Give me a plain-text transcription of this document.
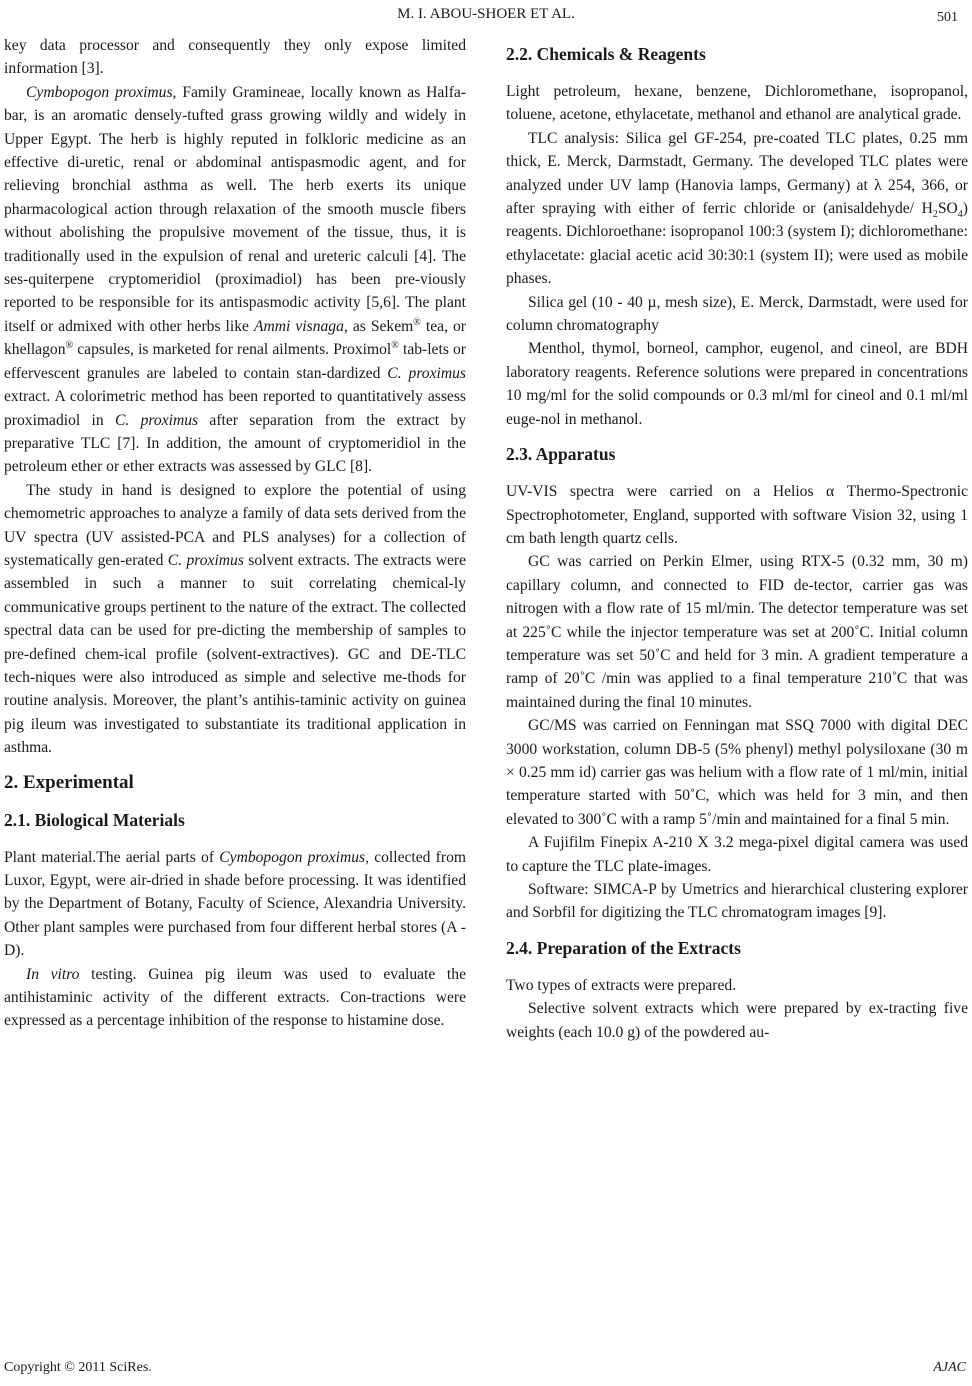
M. I. ABOU-SHOER ET AL.	501

key data processor and consequently they only expose limited information [3].

Cymbopogon proximus, Family Gramineae, locally known as Halfa-bar, is an aromatic densely-tufted grass growing wildly and widely in Upper Egypt. The herb is highly reputed in folkloric medicine as an effective di-uretic, renal or abdominal antispasmodic agent, and for relieving bronchial asthma as well. The herb exerts its unique pharmacological action through relaxation of the smooth muscle fibers without abolishing the propulsive movement of the tissue, thus, it is traditionally used in the expulsion of renal and ureteric calculi [4]. The ses-quiterpene cryptomeridiol (proximadiol) has been pre-viously reported to be responsible for its antispasmodic activity [5,6]. The plant itself or admixed with other herbs like Ammi visnaga, as Sekem® tea, or khellagon® capsules, is marketed for renal ailments. Proximol® tab-lets or effervescent granules are labeled to contain stan-dardized C. proximus extract. A colorimetric method has been reported to quantitatively assess proximadiol in C. proximus after separation from the extract by preparative TLC [7]. In addition, the amount of cryptomeridiol in the petroleum ether or ether extracts was assessed by GLC [8].

The study in hand is designed to explore the potential of using chemometric approaches to analyze a family of data sets derived from the UV spectra (UV assisted-PCA and PLS analyses) for a collection of systematically gen-erated C. proximus solvent extracts. The extracts were assembled in such a manner to suit correlating chemical-ly communicative groups pertinent to the nature of the extract. The collected spectral data can be used for pre-dicting the membership of samples to pre-defined chem-ical profile (solvent-extractives). GC and DE-TLC tech-niques were also introduced as simple and selective me-thods for routine analysis. Moreover, the plant’s antihis-taminic activity on guinea pig ileum was investigated to substantiate its traditional application in asthma.

2. Experimental
2.1. Biological Materials

Plant material.The aerial parts of Cymbopogon proximus, collected from Luxor, Egypt, were air-dried in shade before processing. It was identified by the Department of Botany, Faculty of Science, Alexandria University. Other plant samples were purchased from four different herbal stores (A - D).

In vitro testing. Guinea pig ileum was used to evaluate the antihistaminic activity of the different extracts. Con-tractions were expressed as a percentage inhibition of the response to histamine dose.

2.2. Chemicals & Reagents

Light petroleum, hexane, benzene, Dichloromethane, isopropanol, toluene, acetone, ethylacetate, methanol and ethanol are analytical grade.

TLC analysis: Silica gel GF-254, pre-coated TLC plates, 0.25 mm thick, E. Merck, Darmstadt, Germany. The developed TLC plates were analyzed under UV lamp (Hanovia lamps, Germany) at λ 254, 366, or after spraying with either of ferric chloride or (anisaldehyde/ $H_2SO_4$) reagents. Dichloroethane: isopropanol 100:3 (system I); dichloromethane: ethylacetate: glacial acetic acid 30:30:1 (system II); were used as mobile phases.

Silica gel (10 - 40 µ, mesh size), E. Merck, Darmstadt, were used for column chromatography

Menthol, thymol, borneol, camphor, eugenol, and cineol, are BDH laboratory reagents. Reference solutions were prepared in concentrations 10 mg/ml for the solid compounds or 0.3 ml/ml for cineol and 0.1 ml/ml euge-nol in methanol.

2.3. Apparatus

UV-VIS spectra were carried on a Helios α Thermo-Spectronic Spectrophotometer, England, supported with software Vision 32, using 1 cm bath length quartz cells.

GC was carried on Perkin Elmer, using RTX-5 (0.32 mm, 30 m) capillary column, and connected to FID de-tector, carrier gas was nitrogen with a flow rate of 15 ml/min. The detector temperature was set at 225˚C while the injector temperature was set at 200˚C. Initial column temperature was set 50˚C and held for 3 min. A gradient temperature a ramp of 20˚C /min was applied to a final temperature 210˚C that was maintained during the final 10 minutes.

GC/MS was carried on Fenningan mat SSQ 7000 with digital DEC 3000 workstation, column DB-5 (5% phenyl) methyl polysiloxane (30 m × 0.25 mm id) carrier gas was helium with a flow rate of 1 ml/min, initial temperature started with 50˚C, which was held for 3 min, and then elevated to 300˚C with a ramp 5˚/min and maintained for a final 5 min.

A Fujifilm Finepix A-210 X 3.2 mega-pixel digital camera was used to capture the TLC plate-images.

Software: SIMCA-P by Umetrics and hierarchical clustering explorer and Sorbfil for digitizing the TLC chromatogram images [9].

2.4. Preparation of the Extracts

Two types of extracts were prepared.

Selective solvent extracts which were prepared by ex-tracting five weights (each 10.0 g) of the powdered au-

Copyright © 2011 SciRes.	AJAC
